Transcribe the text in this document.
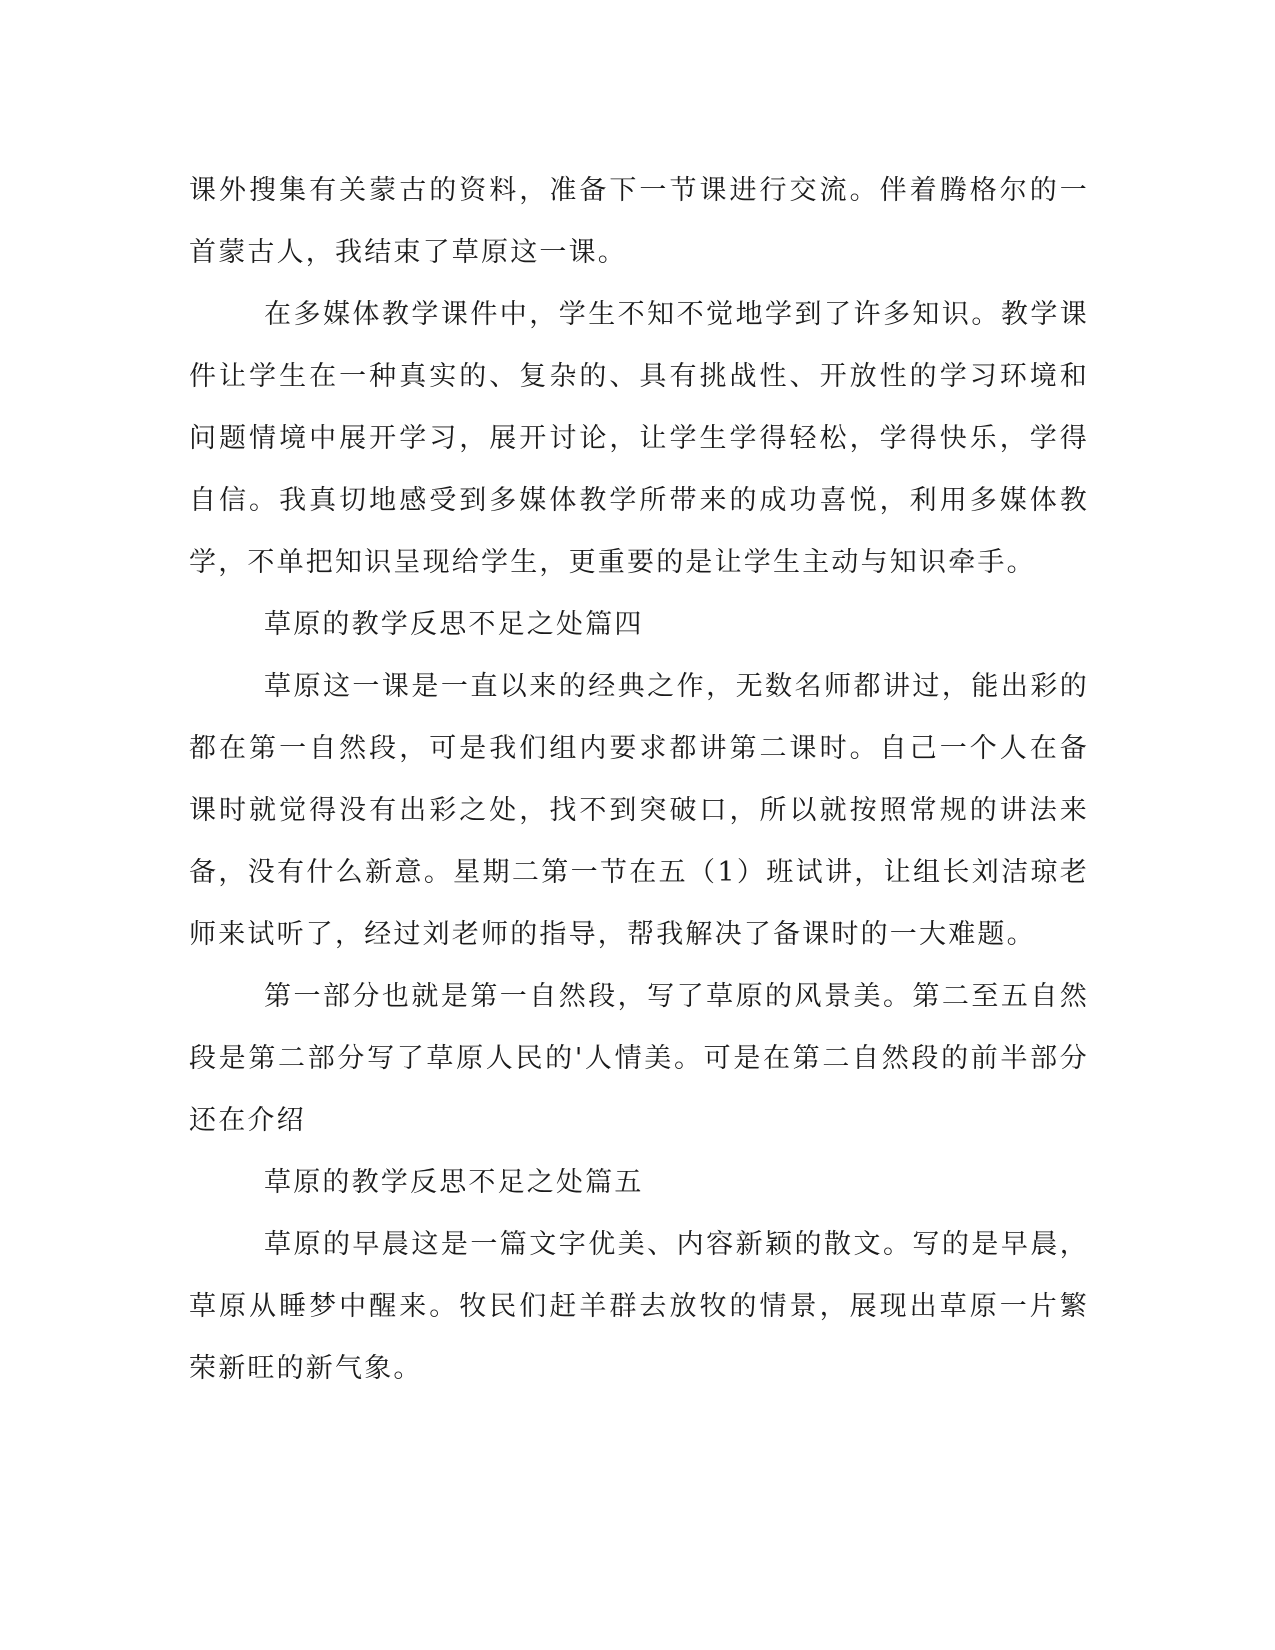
课外搜集有关蒙古的资料，准备下一节课进行交流。伴着腾格尔的一首蒙古人，我结束了草原这一课。

在多媒体教学课件中，学生不知不觉地学到了许多知识。教学课件让学生在一种真实的、复杂的、具有挑战性、开放性的学习环境和问题情境中展开学习，展开讨论，让学生学得轻松，学得快乐，学得自信。我真切地感受到多媒体教学所带来的成功喜悦，利用多媒体教学，不单把知识呈现给学生，更重要的是让学生主动与知识牵手。

草原的教学反思不足之处篇四

草原这一课是一直以来的经典之作，无数名师都讲过，能出彩的都在第一自然段，可是我们组内要求都讲第二课时。自己一个人在备课时就觉得没有出彩之处，找不到突破口，所以就按照常规的讲法来备，没有什么新意。星期二第一节在五（1）班试讲，让组长刘洁琼老师来试听了，经过刘老师的指导，帮我解决了备课时的一大难题。

第一部分也就是第一自然段，写了草原的风景美。第二至五自然段是第二部分写了草原人民的'人情美。可是在第二自然段的前半部分还在介绍

草原的教学反思不足之处篇五

草原的早晨这是一篇文字优美、内容新颖的散文。写的是早晨，草原从睡梦中醒来。牧民们赶羊群去放牧的情景，展现出草原一片繁荣新旺的新气象。
